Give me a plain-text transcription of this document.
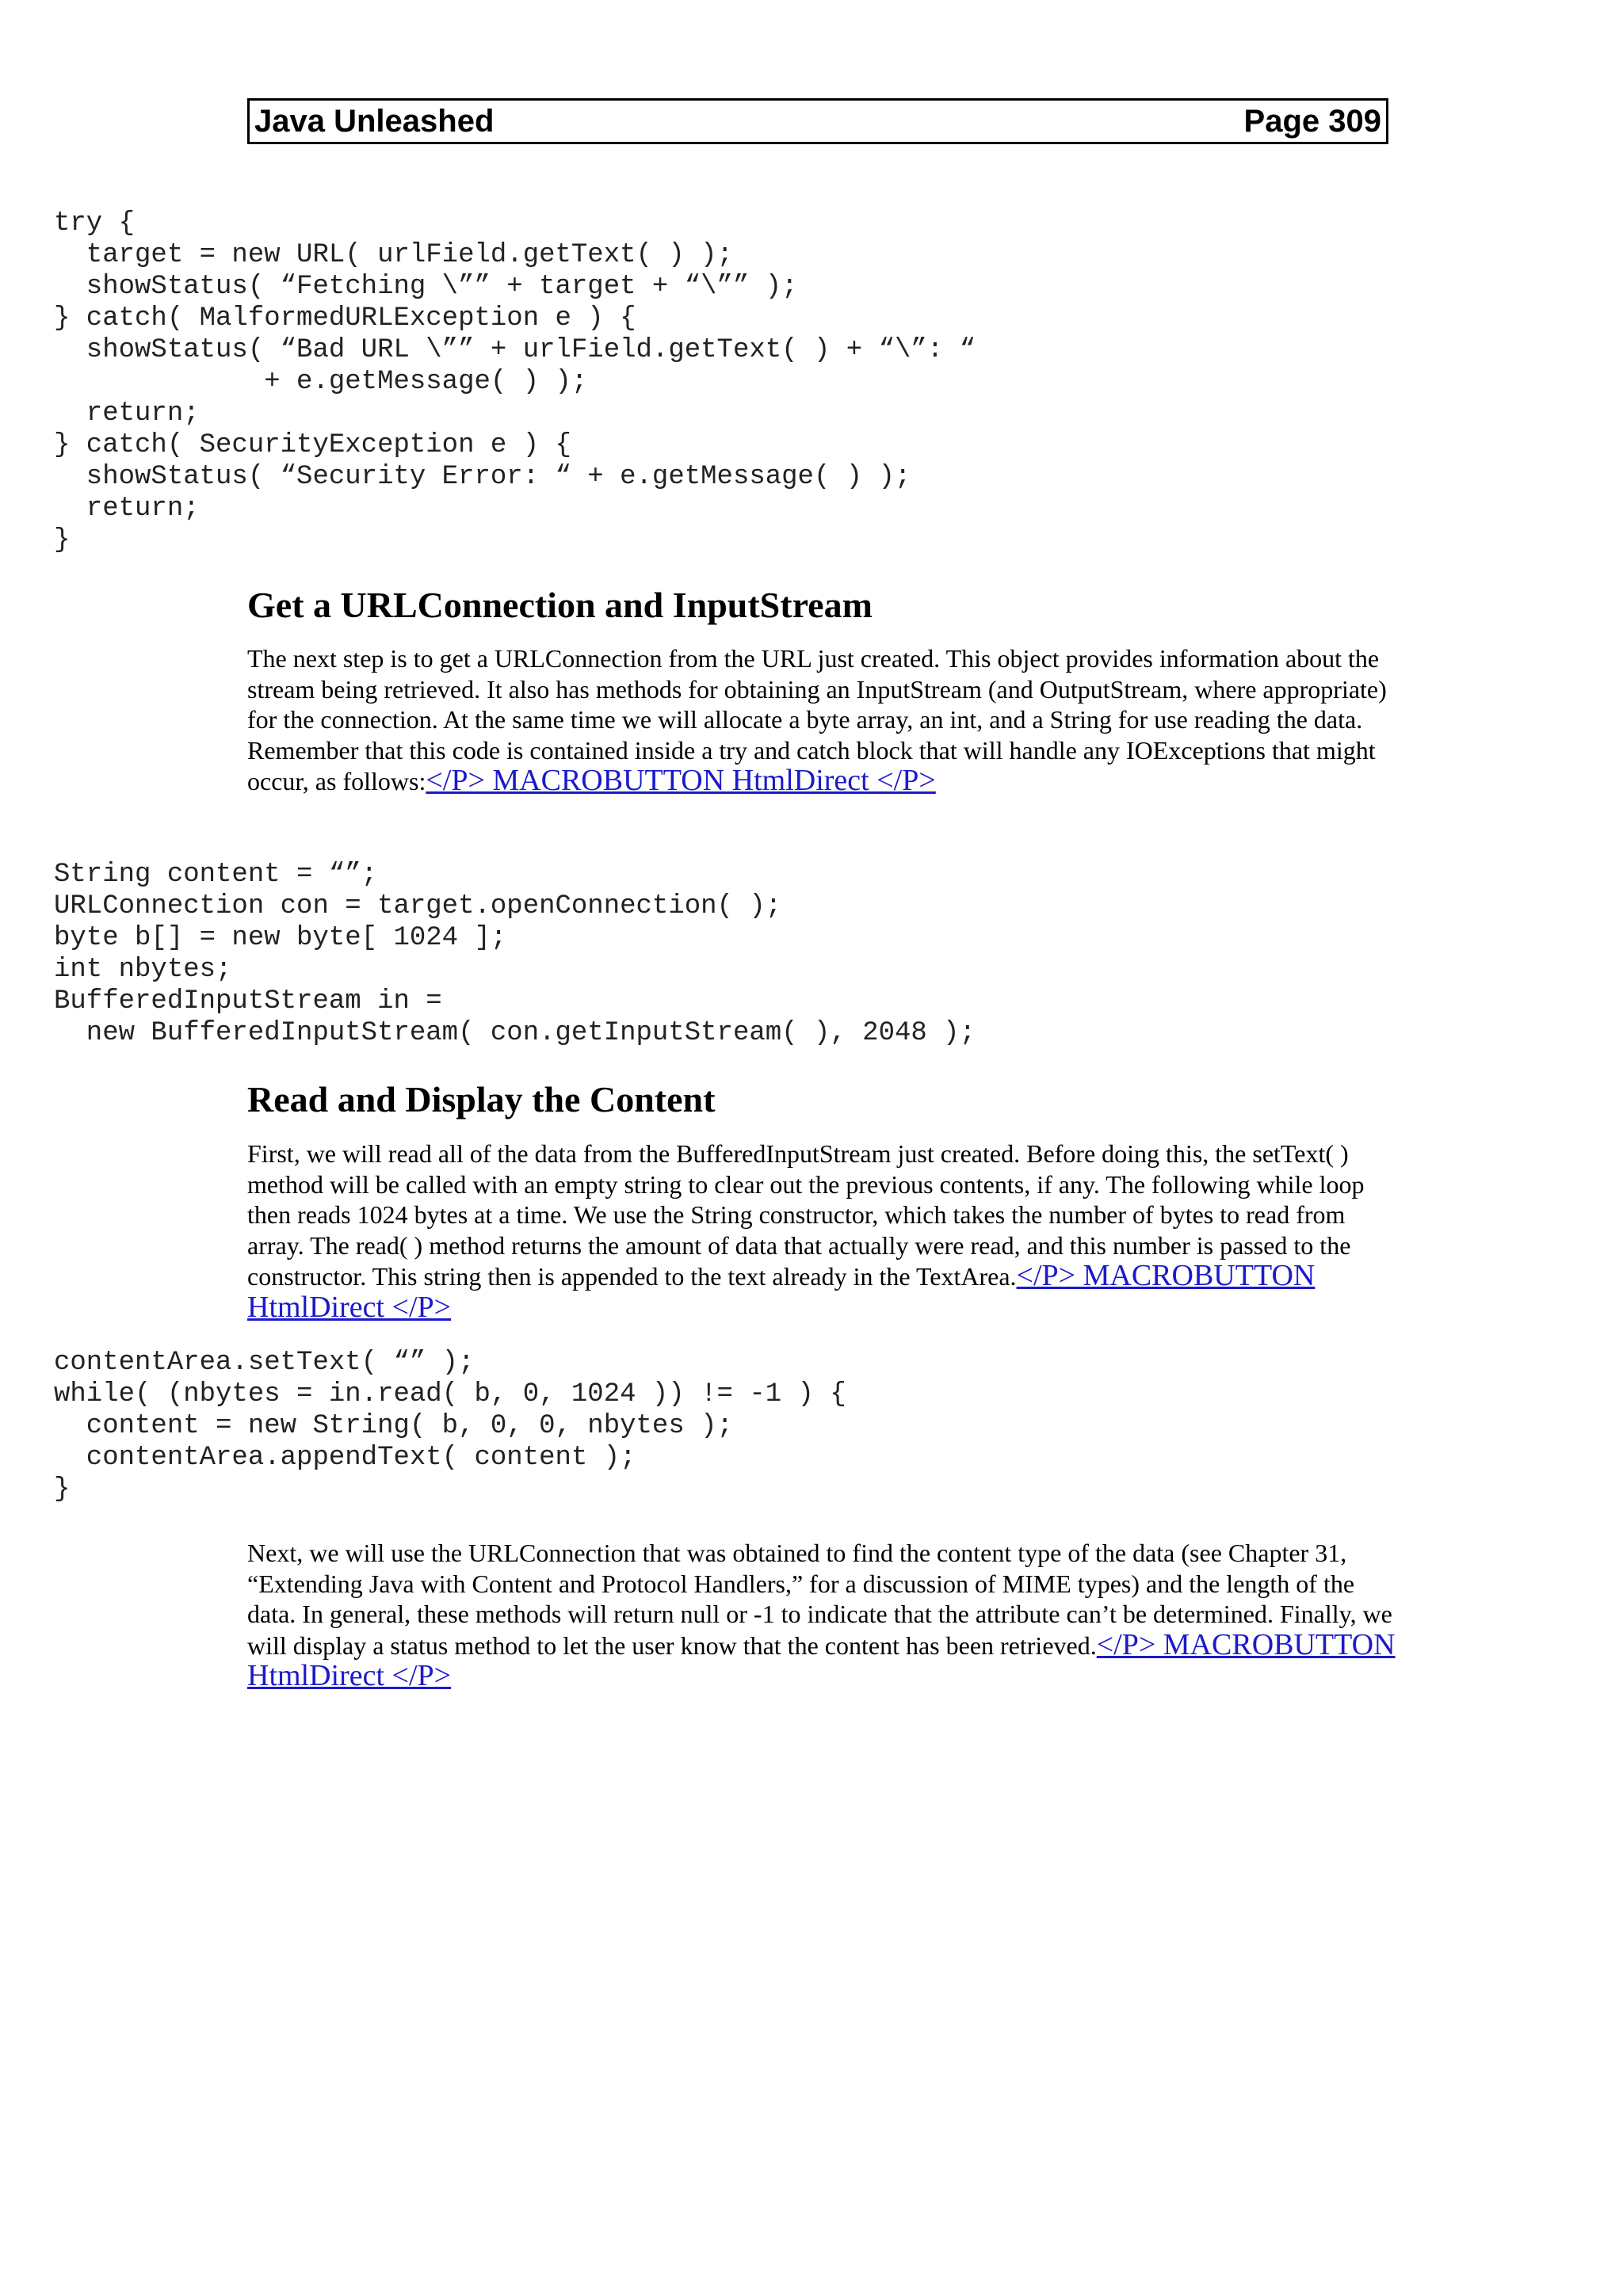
Java Unleashed	Page 309
try {
target = new URL( urlField.getText( ) );
showStatus( “Fetching \”” + target + “\”” );
} catch( MalformedURLException e ) {
showStatus( “Bad URL \”” + urlField.getText( ) + “\”: “
+ e.getMessage( ) );
return;
} catch( SecurityException e ) {
showStatus( “Security Error: “ + e.getMessage( ) );
return;
}
Get a URLConnection and InputStream

The next step is to get a URLConnection from the URL just created. This object provides information about the stream being retrieved. It also has methods for obtaining an InputStream (and OutputStream, where appropriate) for the connection. At the same time we will allocate a byte array, an int, and a String for use reading the data. Remember that this code is contained inside a try and catch block that will handle any IOExceptions that might occur, as follows:</P> MACROBUTTON HtmlDirect </P>

String content = “”;
URLConnection con = target.openConnection( );
byte b[] = new byte[ 1024 ];
int nbytes;
BufferedInputStream in =
new BufferedInputStream( con.getInputStream( ), 2048 );
Read and Display the Content

First, we will read all of the data from the BufferedInputStream just created. Before doing this, the setText( ) method will be called with an empty string to clear out the previous contents, if any. The following while loop then reads 1024 bytes at a time. We use the String constructor, which takes the number of bytes to read from array. The read( ) method returns the amount of data that actually were read, and this number is passed to the constructor. This string then is appended to the text already in the TextArea.</P> MACROBUTTON HtmlDirect </P>

contentArea.setText( “” );
while( (nbytes = in.read( b, 0, 1024 )) != -1 ) {
content = new String( b, 0, 0, nbytes );
contentArea.appendText( content );
}

Next, we will use the URLConnection that was obtained to find the content type of the data (see Chapter 31, “Extending Java with Content and Protocol Handlers,” for a discussion of MIME types) and the length of the data. In general, these methods will return null or -1 to indicate that the attribute can’t be determined. Finally, we will display a status method to let the user know that the content has been retrieved.</P> MACROBUTTON HtmlDirect </P>
